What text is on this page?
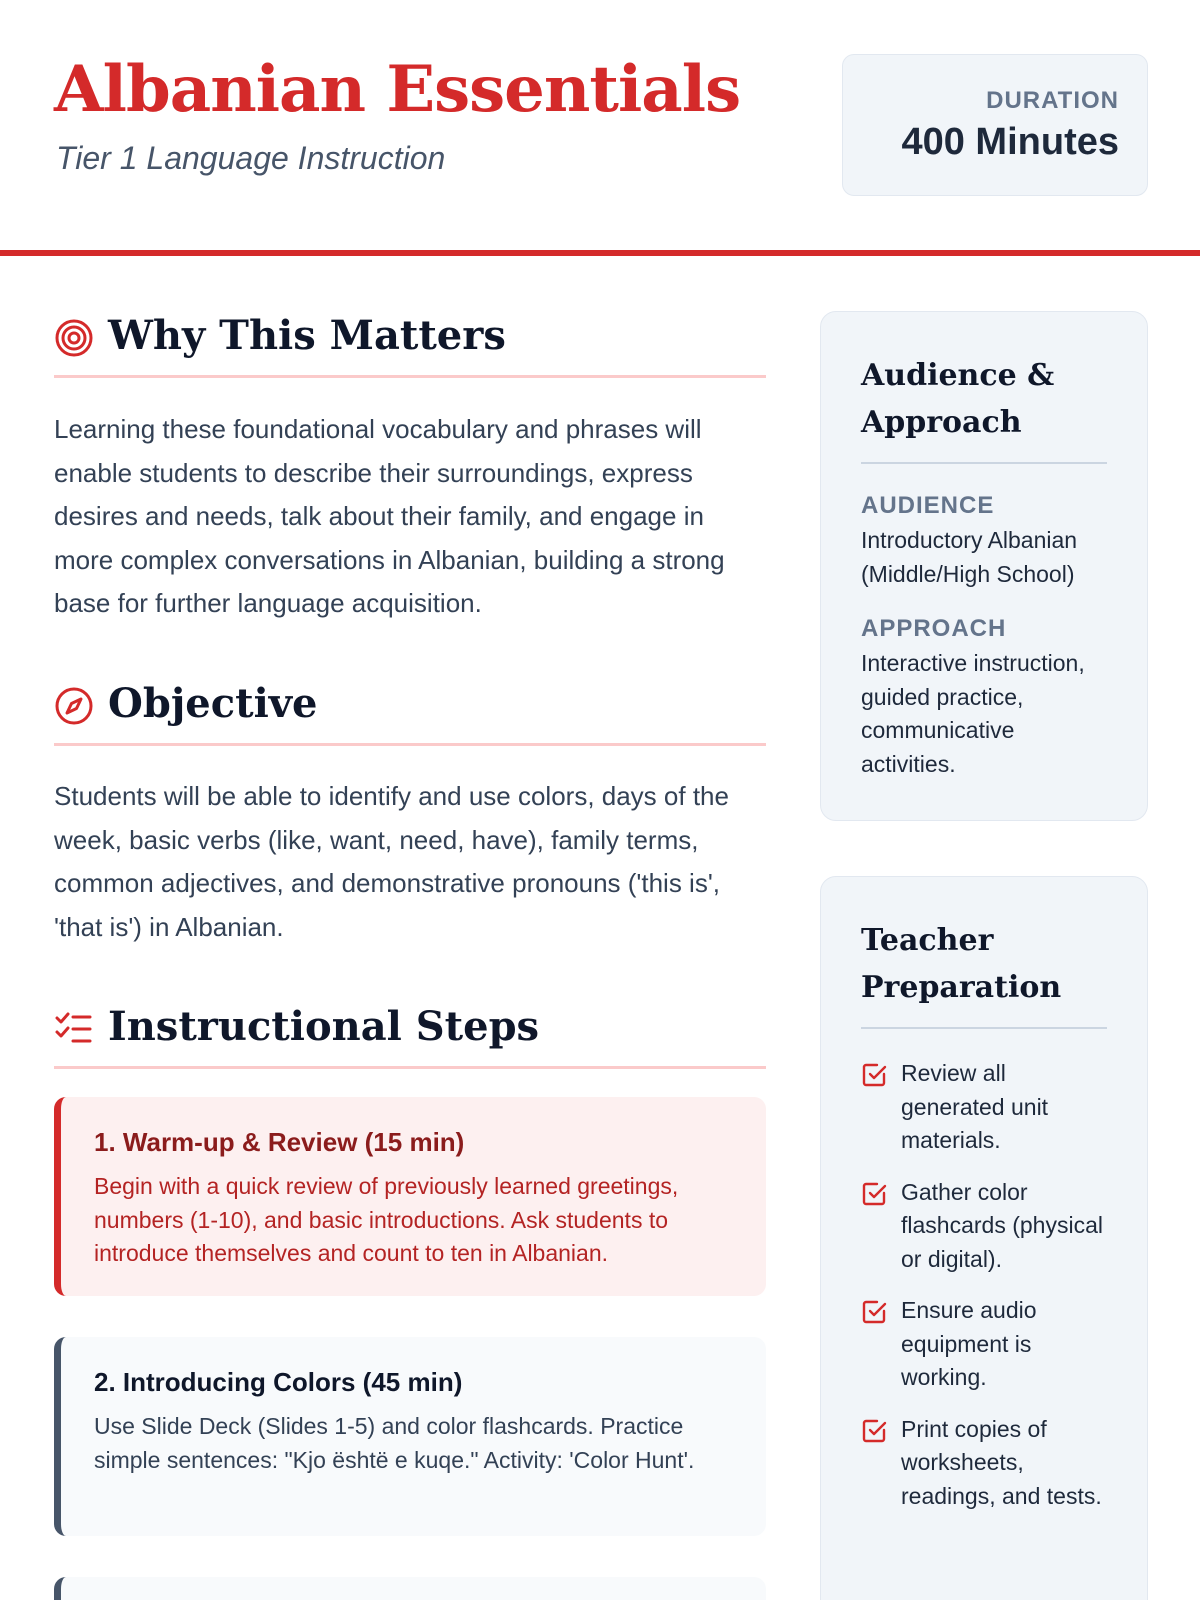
Albanian Essentials
Tier 1 Language Instruction
DURATION
400 Minutes
Why This Matters
Learning these foundational vocabulary and phrases will enable students to describe their surroundings, express desires and needs, talk about their family, and engage in more complex conversations in Albanian, building a strong base for further language acquisition.
Objective
Students will be able to identify and use colors, days of the week, basic verbs (like, want, need, have), family terms, common adjectives, and demonstrative pronouns ('this is', 'that is') in Albanian.
Instructional Steps
1. Warm-up & Review (15 min)

Begin with a quick review of previously learned greetings, numbers (1-10), and basic introductions. Ask students to introduce themselves and count to ten in Albanian.

2. Introducing Colors (45 min)

Use Slide Deck (Slides 1-5) and color flashcards. Practice simple sentences: "Kjo është e kuqe." Activity: 'Color Hunt'.

Audience & Approach
AUDIENCE
Introductory Albanian (Middle/High School)
APPROACH
Interactive instruction, guided practice, communicative activities.
Teacher Preparation
Review all generated unit materials.
Gather color flashcards (physical or digital).
Ensure audio equipment is working.
Print copies of worksheets, readings, and tests.
